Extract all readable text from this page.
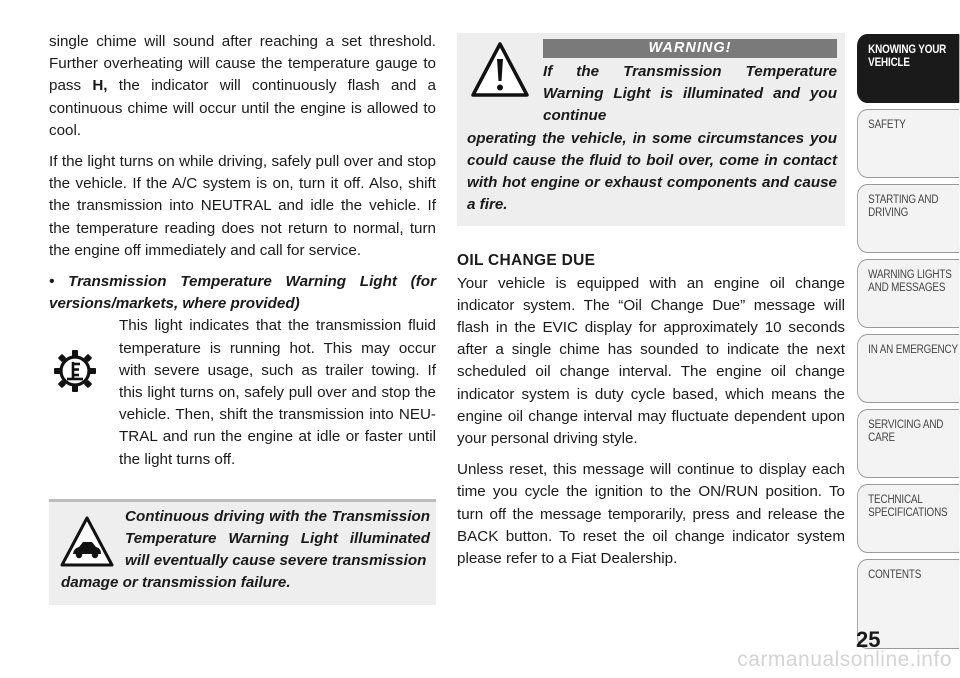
single chime will sound after reaching a set threshold. Further overheating will cause the temperature gauge to pass H, the indicator will continuously flash and a continuous chime will occur until the engine is allowed to cool.

If the light turns on while driving, safely pull over and stop the vehicle. If the A/C system is on, turn it off. Also, shift the transmission into NEUTRAL and idle the vehicle. If the temperature reading does not return to normal, turn the engine off immediately and call for service.

• Transmission Temperature Warning Light (for versions/markets, where provided)

This light indicates that the transmission fluid temperature is running hot. This may occur with severe usage, such as trailer towing. If this light turns on, safely pull over and stop the vehicle. Then, shift the transmission into NEU-TRAL and run the engine at idle or faster until the light turns off.

Continuous driving with the Transmission Temperature Warning Light illuminated will eventually cause severe transmission
damage or transmission failure.

WARNING!

If the Transmission Temperature Warning Light is illuminated and you continue
operating the vehicle, in some circumstances you could cause the fluid to boil over, come in contact with hot engine or exhaust components and cause a fire.

OIL CHANGE DUE

Your vehicle is equipped with an engine oil change indicator system. The “Oil Change Due” message will flash in the EVIC display for approximately 10 seconds after a single chime has sounded to indicate the next scheduled oil change interval. The engine oil change indicator system is duty cycle based, which means the engine oil change interval may fluctuate dependent upon your personal driving style.

Unless reset, this message will continue to display each time you cycle the ignition to the ON/RUN position. To turn off the message temporarily, press and release the BACK button. To reset the oil change indicator system please refer to a Fiat Dealership.

KNOWING YOUR VEHICLE
SAFETY
STARTING AND DRIVING
WARNING LIGHTS AND MESSAGES
IN AN EMERGENCY
SERVICING AND CARE
TECHNICAL SPECIFICATIONS
CONTENTS
25
carmanualsonline.info
